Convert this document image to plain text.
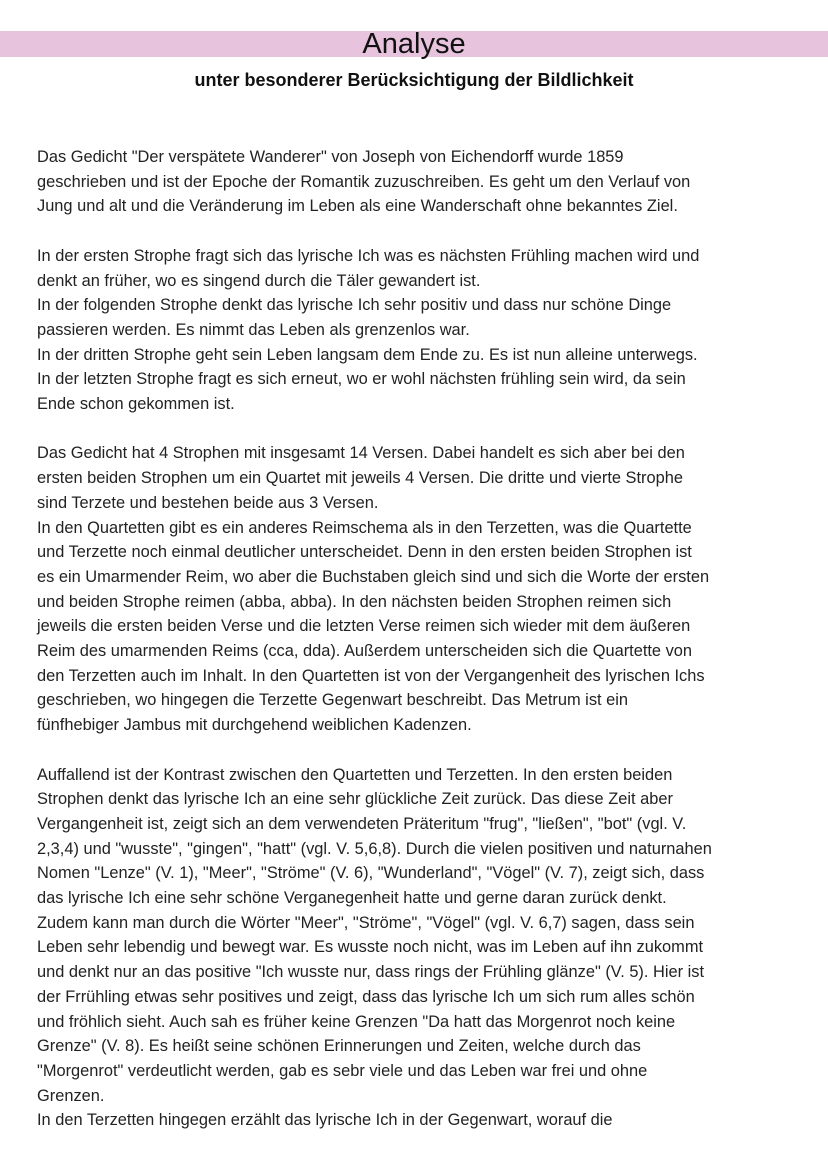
Analyse
unter besonderer Berücksichtigung der Bildlichkeit
Das Gedicht "Der verspätete Wanderer" von Joseph von Eichendorff wurde 1859
geschrieben und ist der Epoche der Romantik zuzuschreiben. Es geht um den Verlauf von
Jung und alt und die Veränderung im Leben als eine Wanderschaft ohne bekanntes Ziel.
In der ersten Strophe fragt sich das lyrische Ich was es nächsten Frühling machen wird und
denkt an früher, wo es singend durch die Täler gewandert ist.
In der folgenden Strophe denkt das lyrische Ich sehr positiv und dass nur schöne Dinge
passieren werden. Es nimmt das Leben als grenzenlos war.
In der dritten Strophe geht sein Leben langsam dem Ende zu. Es ist nun alleine unterwegs.
In der letzten Strophe fragt es sich erneut, wo er wohl nächsten frühling sein wird, da sein
Ende schon gekommen ist.
Das Gedicht hat 4 Strophen mit insgesamt 14 Versen. Dabei handelt es sich aber bei den
ersten beiden Strophen um ein Quartet mit jeweils 4 Versen. Die dritte und vierte Strophe
sind Terzete und bestehen beide aus 3 Versen.
In den Quartetten gibt es ein anderes Reimschema als in den Terzetten, was die Quartette
und Terzette noch einmal deutlicher unterscheidet. Denn in den ersten beiden Strophen ist
es ein Umarmender Reim, wo aber die Buchstaben gleich sind und sich die Worte der ersten
und beiden Strophe reimen (abba, abba). In den nächsten beiden Strophen reimen sich
jeweils die ersten beiden Verse und die letzten Verse reimen sich wieder mit dem äußeren
Reim des umarmenden Reims (cca, dda). Außerdem unterscheiden sich die Quartette von
den Terzetten auch im Inhalt. In den Quartetten ist von der Vergangenheit des lyrischen Ichs
geschrieben, wo hingegen die Terzette Gegenwart beschreibt. Das Metrum ist ein
fünfhebiger Jambus mit durchgehend weiblichen Kadenzen.
Auffallend ist der Kontrast zwischen den Quartetten und Terzetten. In den ersten beiden
Strophen denkt das lyrische Ich an eine sehr glückliche Zeit zurück. Das diese Zeit aber
Vergangenheit ist, zeigt sich an dem verwendeten Präteritum "frug", "ließen", "bot" (vgl. V.
2,3,4) und "wusste", "gingen", "hatt" (vgl. V. 5,6,8). Durch die vielen positiven und naturnahen
Nomen "Lenze" (V. 1), "Meer", "Ströme" (V. 6), "Wunderland", "Vögel" (V. 7), zeigt sich, dass
das lyrische Ich eine sehr schöne Verganegenheit hatte und gerne daran zurück denkt.
Zudem kann man durch die Wörter "Meer", "Ströme", "Vögel" (vgl. V. 6,7) sagen, dass sein
Leben sehr lebendig und bewegt war. Es wusste noch nicht, was im Leben auf ihn zukommt
und denkt nur an das positive "Ich wusste nur, dass rings der Frühling glänze" (V. 5). Hier ist
der Frrühling etwas sehr positives und zeigt, dass das lyrische Ich um sich rum alles schön
und fröhlich sieht. Auch sah es früher keine Grenzen "Da hatt das Morgenrot noch keine
Grenze" (V. 8). Es heißt seine schönen Erinnerungen und Zeiten, welche durch das
"Morgenrot" verdeutlicht werden, gab es sebr viele und das Leben war frei und ohne
Grenzen.
In den Terzetten hingegen erzählt das lyrische Ich in der Gegenwart, worauf die
